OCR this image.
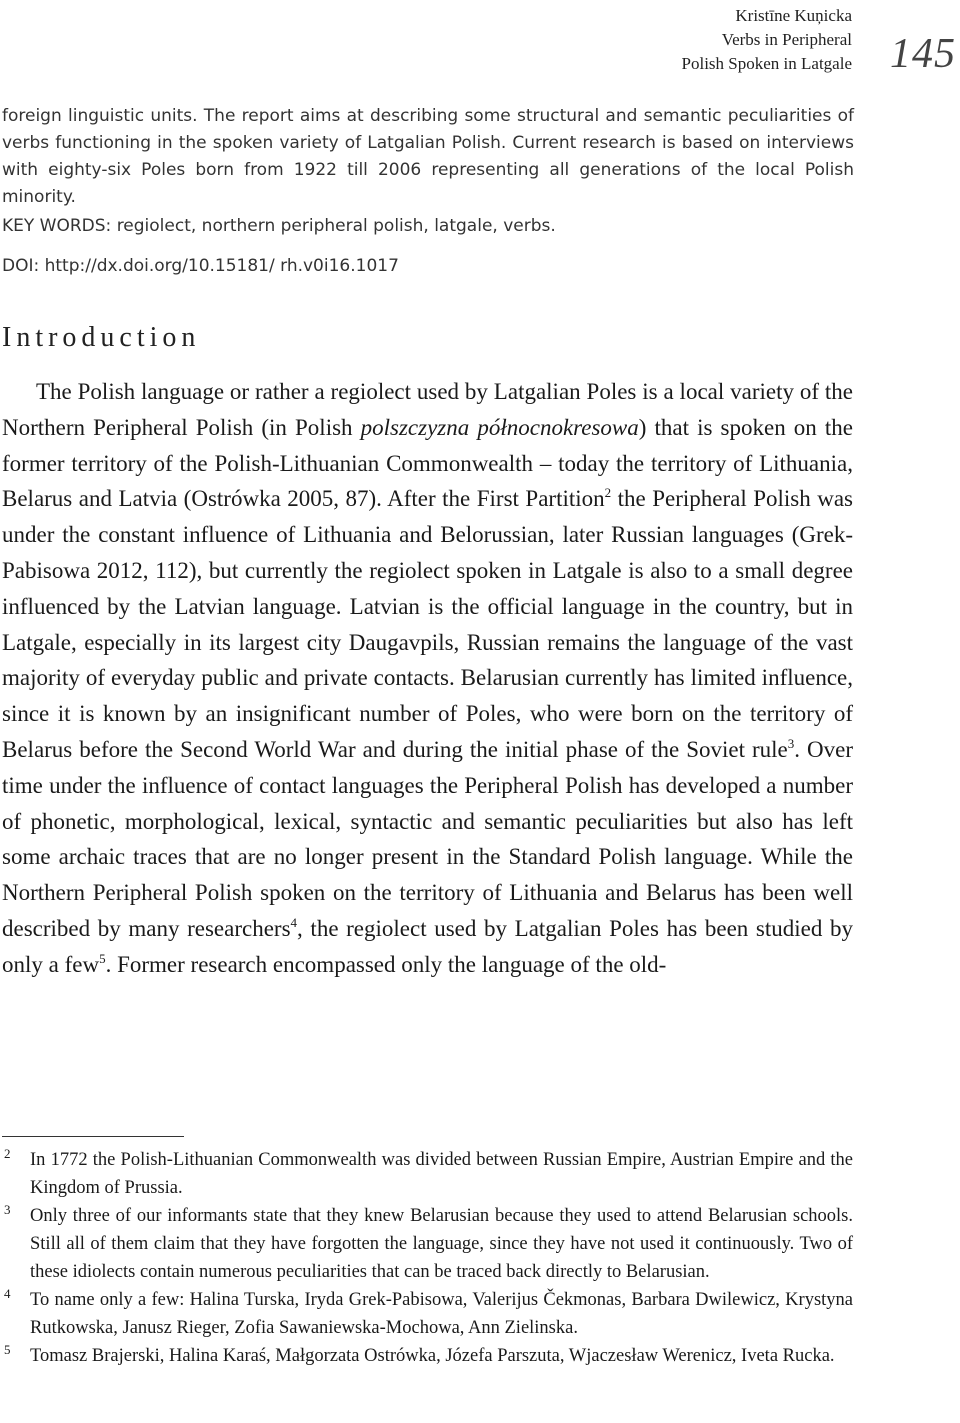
Kristīne Kuņicka
Verbs in Peripheral
Polish Spoken in Latgale 145

foreign linguistic units. The report aims at describing some structural and semantic peculiarities of verbs functioning in the spoken variety of Latgalian Polish. Current research is based on interviews with eighty-six Poles born from 1922 till 2006 representing all generations of the local Polish minority.

KEY WORDS: regiolect, northern peripheral polish, latgale, verbs.
DOI: http://dx.doi.org/10.15181/ rh.v0i16.1017
Introduction

The Polish language or rather a regiolect used by Latgalian Poles is a local variety of the Northern Peripheral Polish (in Polish polszczyzna północnokresowa) that is spoken on the former territory of the Polish-Lithuanian Commonwealth – today the territory of Lithuania, Belarus and Latvia (Ostrówka 2005, 87). After the First Partition$^2$ the Peripheral Polish was under the constant influence of Lithuania and Belorussian, later Russian languages (Grek-Pabisowa 2012, 112), but currently the regiolect spoken in Latgale is also to a small degree influenced by the Latvian language. Latvian is the official language in the country, but in Latgale, especially in its largest city Daugavpils, Russian remains the language of the vast majority of everyday public and private contacts. Belarusian currently has limited influence, since it is known by an insignificant number of Poles, who were born on the territory of Belarus before the Second World War and during the initial phase of the Soviet rule$^3$. Over time under the influence of contact languages the Peripheral Polish has developed a number of phonetic, morphological, lexical, syntactic and semantic peculiarities but also has left some archaic traces that are no longer present in the Standard Polish language. While the Northern Peripheral Polish spoken on the territory of Lithuania and Belarus has been well described by many researchers$^4$, the regiolect used by Latgalian Poles has been studied by only a few$^5$. Former research encompassed only the language of the old-

2 In 1772 the Polish-Lithuanian Commonwealth was divided between Russian Empire, Austrian Empire and the Kingdom of Prussia.
3 Only three of our informants state that they knew Belarusian because they used to attend Belarusian schools. Still all of them claim that they have forgotten the language, since they have not used it continuously. Two of these idiolects contain numerous peculiarities that can be traced back directly to Belarusian.
4 To name only a few: Halina Turska, Iryda Grek-Pabisowa, Valerijus Čekmonas, Barbara Dwilewicz, Krystyna Rutkowska, Janusz Rieger, Zofia Sawaniewska-Mochowa, Ann Zielinska.
5 Tomasz Brajerski, Halina Karaś, Małgorzata Ostrówka, Józefa Parszuta, Wjaczesław Werenicz, Iveta Rucka.
